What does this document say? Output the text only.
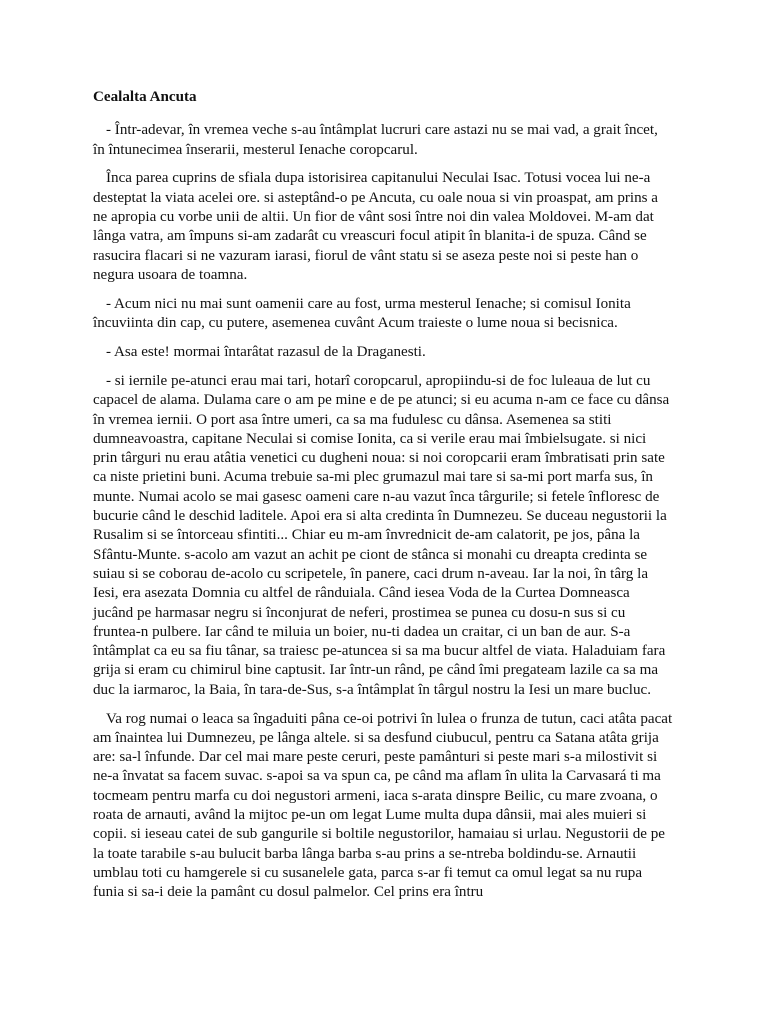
Cealalta Ancuta

- Într-adevar, în vremea veche s-au întâmplat lucruri care astazi nu se mai vad, a grait încet, în întunecimea înserarii, mesterul Ienache coropcarul.

Înca parea cuprins de sfiala dupa istorisirea capitanului Neculai Isac. Totusi vocea lui ne-a desteptat la viata acelei ore. si asteptând-o pe Ancuta, cu oale noua si vin proaspat, am prins a ne apropia cu vorbe unii de altii. Un fior de vânt sosi între noi din valea Moldovei. M-am dat lânga vatra, am împuns si-am zadarât cu vreascuri focul atipit în blanita-i de spuza. Când se rasucira flacari si ne vazuram iarasi, fiorul de vânt statu si se aseza peste noi si peste han o negura usoara de toamna.

- Acum nici nu mai sunt oamenii care au fost, urma mesterul Ienache; si comisul Ionita încuviinta din cap, cu putere, asemenea cuvânt Acum traieste o lume noua si becisnica.

- Asa este! mormai întarâtat razasul de la Draganesti.

- si iernile pe-atunci erau mai tari, hotarî coropcarul, apropiindu-si de foc luleaua de lut cu capacel de alama. Dulama care o am pe mine e de pe atunci; si eu acuma n-am ce face cu dânsa în vremea iernii. O port asa între umeri, ca sa ma fudulesc cu dânsa. Asemenea sa stiti dumneavoastra, capitane Neculai si comise Ionita, ca si verile erau mai îmbielsugate. si nici prin târguri nu erau atâtia venetici cu dugheni noua: si noi coropcarii eram îmbratisati prin sate ca niste prietini buni. Acuma trebuie sa-mi plec grumazul mai tare si sa-mi port marfa sus, în munte. Numai acolo se mai gasesc oameni care n-au vazut înca târgurile; si fetele înfloresc de bucurie când le deschid laditele. Apoi era si alta credinta în Dumnezeu. Se duceau negustorii la Rusalim si se întorceau sfintiti... Chiar eu m-am învrednicit de-am calatorit, pe jos, pâna la Sfântu-Munte. s-acolo am vazut an achit pe ciont de stânca si monahi cu dreapta credinta se suiau si se coborau de-acolo cu scripetele, în panere, caci drum n-aveau. Iar la noi, în târg la Iesi, era asezata Domnia cu altfel de rânduiala. Când iesea Voda de la Curtea Domneasca jucând pe harmasar negru si înconjurat de neferi, prostimea se punea cu dosu-n sus si cu fruntea-n pulbere. Iar când te miluia un boier, nu-ti dadea un craitar, ci un ban de aur. S-a întâmplat ca eu sa fiu tânar, sa traiesc pe-atuncea si sa ma bucur altfel de viata. Haladuiam fara grija si eram cu chimirul bine captusit. Iar într-un rând, pe când îmi pregateam lazile ca sa ma duc la iarmaroc, la Baia, în tara-de-Sus, s-a întâmplat în târgul nostru la Iesi un mare bucluc.

Va rog numai o leaca sa îngaduiti pâna ce-oi potrivi în lulea o frunza de tutun, caci atâta pacat am înaintea lui Dumnezeu, pe lânga altele. si sa desfund ciubucul, pentru ca Satana atâta grija are: sa-l înfunde. Dar cel mai mare peste ceruri, peste pamânturi si peste mari s-a milostivit si ne-a învatat sa facem suvac. s-apoi sa va spun ca, pe când ma aflam în ulita la Carvasará ti ma tocmeam pentru marfa cu doi negustori armeni, iaca s-arata dinspre Beilic, cu mare zvoana, o roata de arnauti, având la mijtoc pe-un om legat Lume multa dupa dânsii, mai ales muieri si copii. si ieseau catei de sub gangurile si boltile negustorilor, hamaiau si urlau. Negustorii de pe la toate tarabile s-au bulucit barba lânga barba s-au prins a se-ntreba boldindu-se. Arnautii umblau toti cu hamgerele si cu susanelele gata, parca s-ar fi temut ca omul legat sa nu rupa funia si sa-i deie la pamânt cu dosul palmelor. Cel prins era întru
